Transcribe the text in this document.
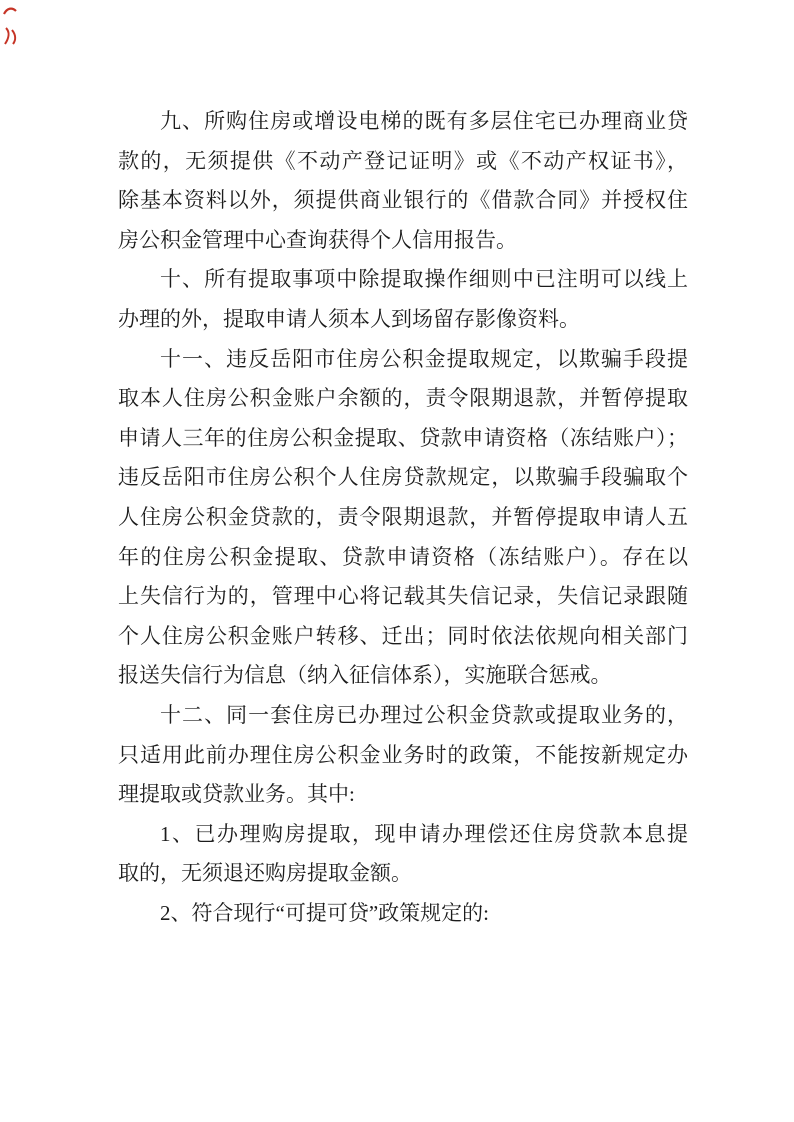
九、所购住房或增设电梯的既有多层住宅已办理商业贷
款的，无须提供《不动产登记证明》或《不动产权证书》，
除基本资料以外，须提供商业银行的《借款合同》并授权住
房公积金管理中心查询获得个人信用报告。
十、所有提取事项中除提取操作细则中已注明可以线上
办理的外，提取申请人须本人到场留存影像资料。
十一、违反岳阳市住房公积金提取规定，以欺骗手段提
取本人住房公积金账户余额的，责令限期退款，并暂停提取
申请人三年的住房公积金提取、贷款申请资格（冻结账户）；
违反岳阳市住房公积个人住房贷款规定，以欺骗手段骗取个
人住房公积金贷款的，责令限期退款，并暂停提取申请人五
年的住房公积金提取、贷款申请资格（冻结账户）。存在以
上失信行为的，管理中心将记载其失信记录，失信记录跟随
个人住房公积金账户转移、迁出；同时依法依规向相关部门
报送失信行为信息（纳入征信体系），实施联合惩戒。
十二、同一套住房已办理过公积金贷款或提取业务的，
只适用此前办理住房公积金业务时的政策，不能按新规定办
理提取或贷款业务。其中:
1、已办理购房提取，现申请办理偿还住房贷款本息提
取的，无须退还购房提取金额。
2、符合现行“可提可贷”政策规定的:
